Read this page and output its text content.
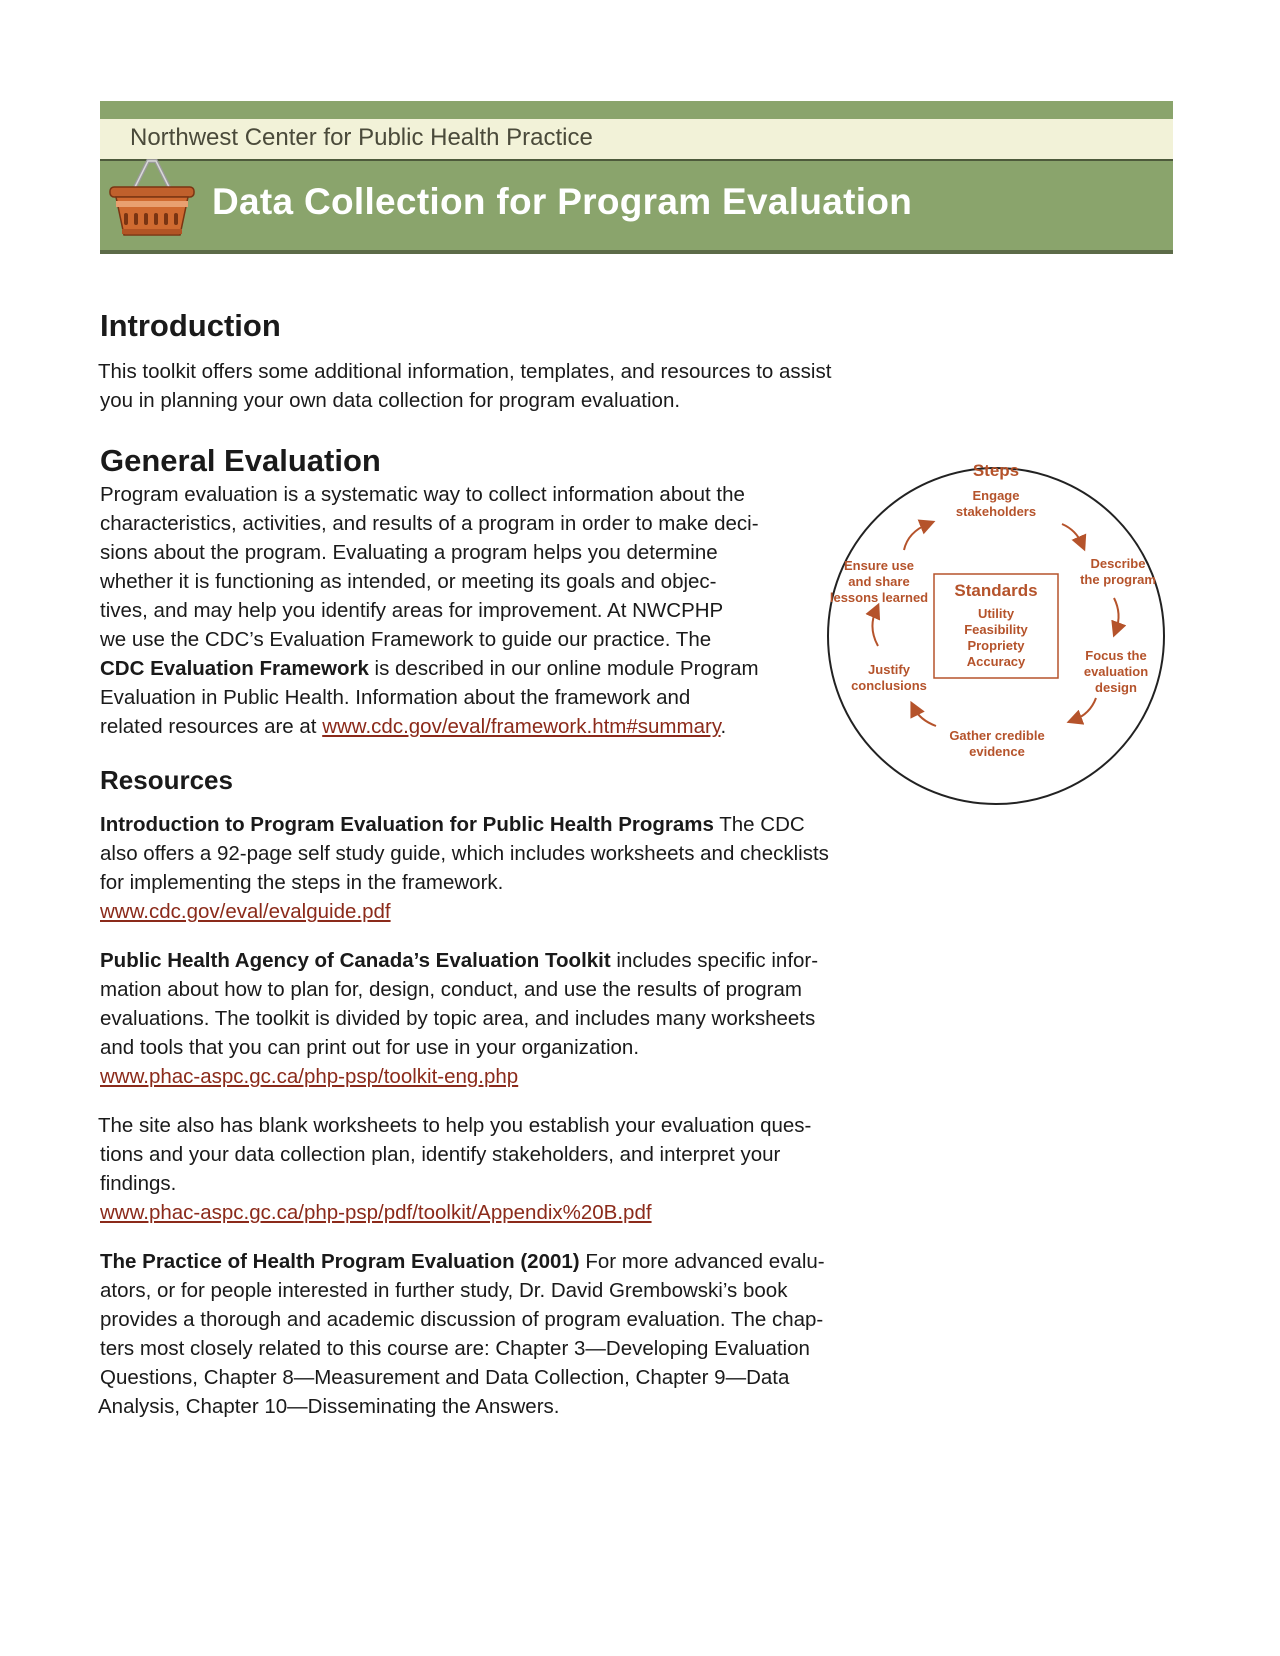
Northwest Center for Public Health Practice
Data Collection for Program Evaluation
Introduction

This toolkit offers some additional information, templates, and resources to assist

you in planning your own data collection for program evaluation.

General Evaluation

Program evaluation is a systematic way to collect information about the

characteristics, activities, and results of a program in order to make deci-

sions about the program. Evaluating a program helps you determine

whether it is functioning as intended, or meeting its goals and objec-

tives, and may help you identify areas for improvement. At NWCPHP

we use the CDC’s Evaluation Framework to guide our practice. The

CDC Evaluation Framework is described in our online module Program

Evaluation in Public Health. Information about the framework and

related resources are at www.cdc.gov/eval/framework.htm#summary.

Steps
Engage
stakeholders
Describe
the program
Focus the
evaluation
design
Gather credible
evidence
Justify
conclusions
Ensure use
and share
lessons learned Standards
Utility
Feasibility
Propriety
Accuracy
Resources

Introduction to Program Evaluation for Public Health Programs The CDC

also offers a 92-page self study guide, which includes worksheets and checklists

for implementing the steps in the framework.

www.cdc.gov/eval/evalguide.pdf

Public Health Agency of Canada’s Evaluation Toolkit includes specific infor-

mation about how to plan for, design, conduct, and use the results of program

evaluations. The toolkit is divided by topic area, and includes many worksheets

and tools that you can print out for use in your organization.

www.phac-aspc.gc.ca/php-psp/toolkit-eng.php

The site also has blank worksheets to help you establish your evaluation ques-

tions and your data collection plan, identify stakeholders, and interpret your

findings.

www.phac-aspc.gc.ca/php-psp/pdf/toolkit/Appendix%20B.pdf

The Practice of Health Program Evaluation (2001) For more advanced evalu-

ators, or for people interested in further study, Dr. David Grembowski’s book

provides a thorough and academic discussion of program evaluation. The chap-

ters most closely related to this course are: Chapter 3—Developing Evaluation

Questions, Chapter 8—Measurement and Data Collection, Chapter 9—Data

Analysis, Chapter 10—Disseminating the Answers.
